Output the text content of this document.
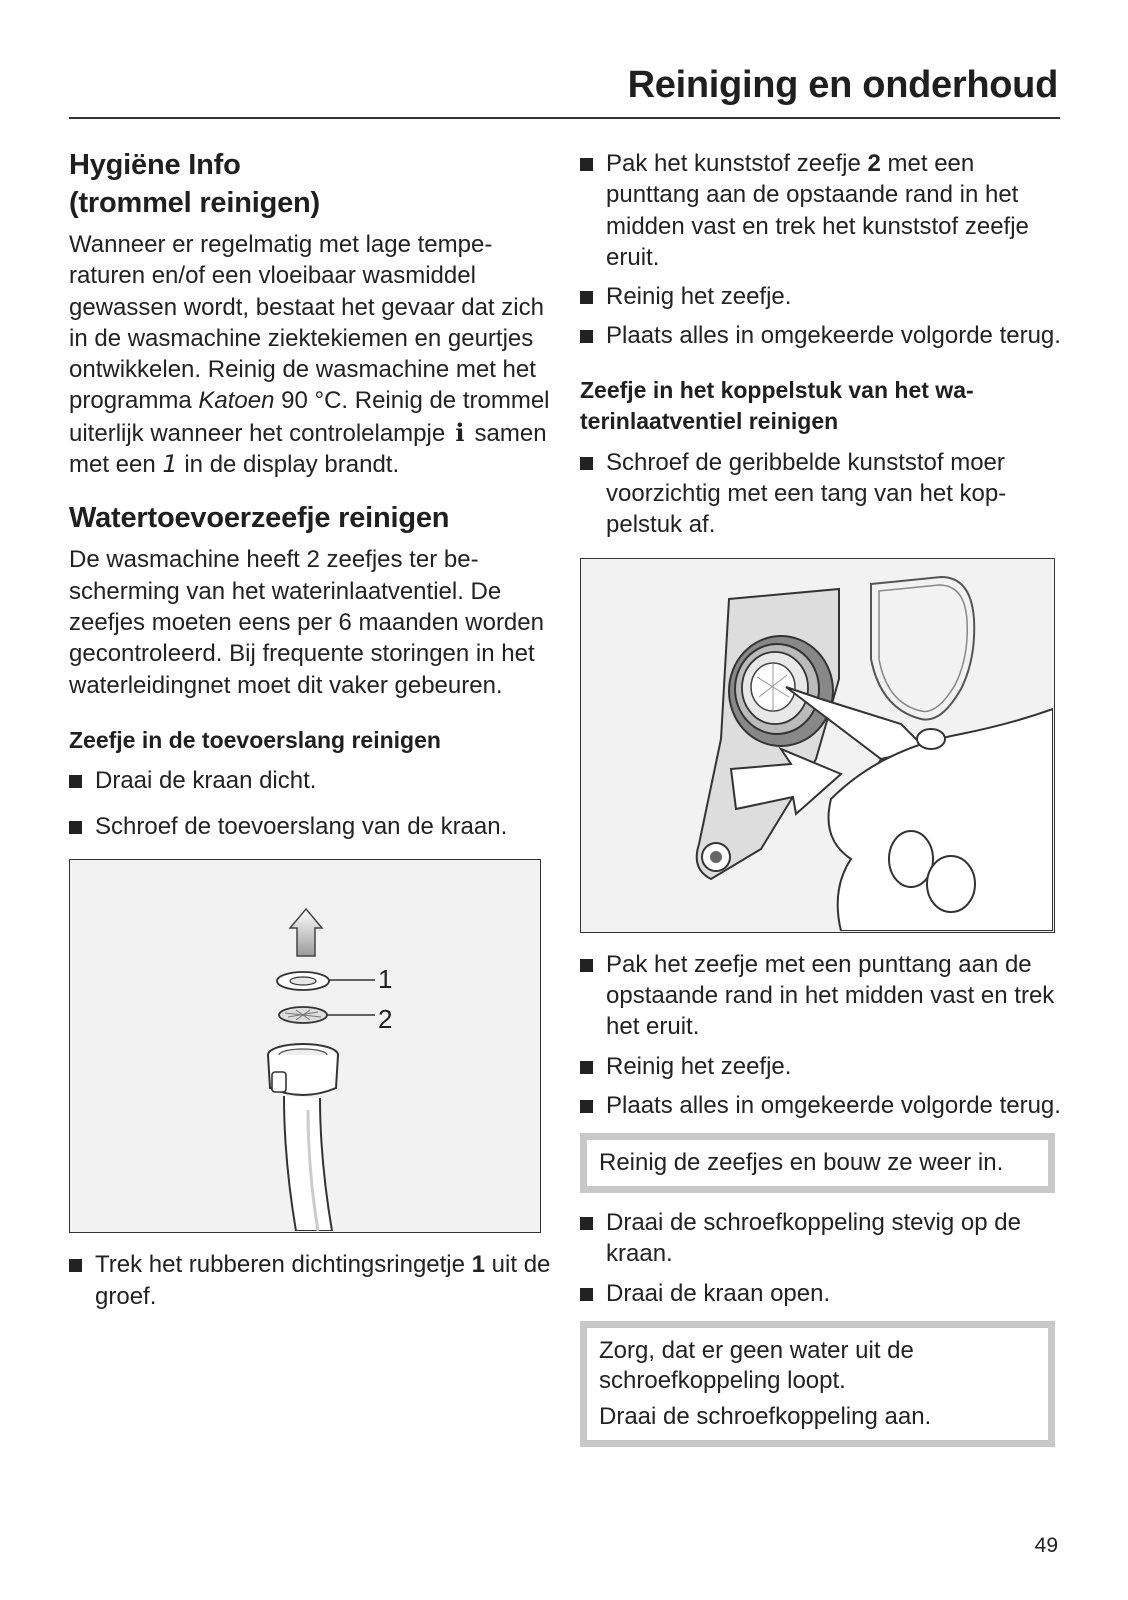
Reiniging en onderhoud
Hygiëne Info
(trommel reinigen)

Wanneer er regelmatig met lage temperaturen en/of een vloeibaar wasmiddel gewassen wordt, bestaat het gevaar dat zich in de wasmachine ziektekiemen en geurtjes ontwikkelen. Reinig de wasmachine met het programma Katoen 90 °C. Reinig de trommel uiterlijk wanneer het controlelampje i samen met een 1 in de display brandt.

Watertoevoerzeefje reinigen

De wasmachine heeft 2 zeefjes ter bescherming van het waterinlaatventiel. De zeefjes moeten eens per 6 maanden worden gecontroleerd. Bij frequente storingen in het waterleidingnet moet dit vaker gebeuren.

Zeefje in de toevoerslang reinigen
Draai de kraan dicht.
Schroef de toevoerslang van de kraan.
1
2
Trek het rubberen dichtingsringetje 1 uit de groef.
Pak het kunststof zeefje 2 met een punttang aan de opstaande rand in het midden vast en trek het kunststof zeefje eruit.
Reinig het zeefje.
Plaats alles in omgekeerde volgorde terug.
Zeefje in het koppelstuk van het waterinlaatventiel reinigen
Schroef de geribbelde kunststof moer voorzichtig met een tang van het koppelstuk af.
Pak het zeefje met een punttang aan de opstaande rand in het midden vast en trek het eruit.
Reinig het zeefje.
Plaats alles in omgekeerde volgorde terug.

Reinig de zeefjes en bouw ze weer in.

Draai de schroefkoppeling stevig op de kraan.
Draai de kraan open.

Zorg, dat er geen water uit de schroefkoppeling loopt.

Draai de schroefkoppeling aan.

49
